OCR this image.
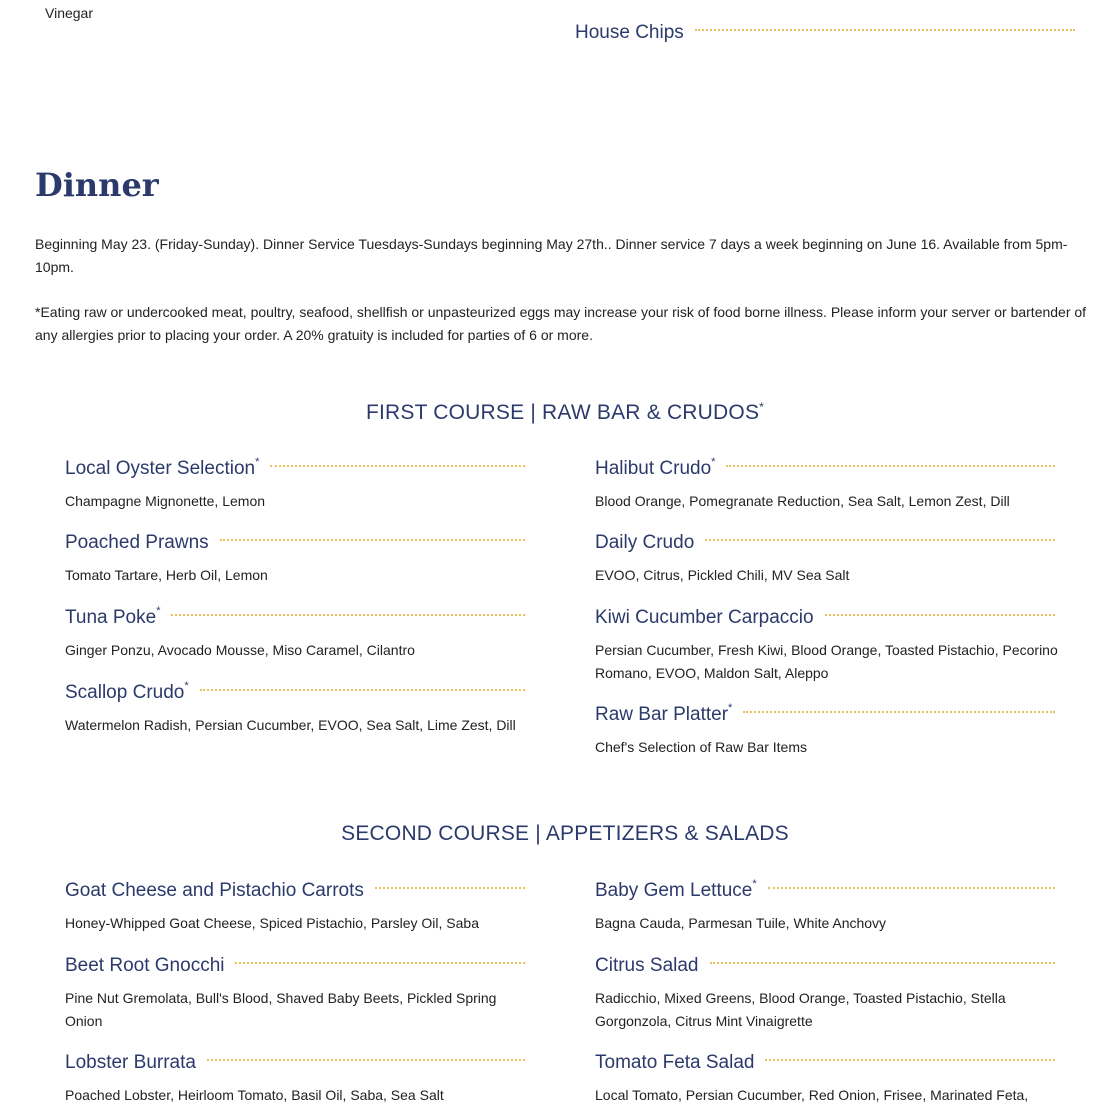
Vinegar
House Chips
Dinner
Beginning May 23. (Friday-Sunday). Dinner Service Tuesdays-Sundays beginning May 27th.. Dinner service 7 days a week beginning on June 16. Available from 5pm-10pm.
*Eating raw or undercooked meat, poultry, seafood, shellfish or unpasteurized eggs may increase your risk of food borne illness. Please inform your server or bartender of any allergies prior to placing your order. A 20% gratuity is included for parties of 6 or more.
FIRST COURSE | RAW BAR & CRUDOS*
Local Oyster Selection*
Champagne Mignonette, Lemon
Poached Prawns
Tomato Tartare, Herb Oil, Lemon
Tuna Poke*
Ginger Ponzu, Avocado Mousse, Miso Caramel, Cilantro
Scallop Crudo*
Watermelon Radish, Persian Cucumber, EVOO, Sea Salt, Lime Zest, Dill
Halibut Crudo*
Blood Orange, Pomegranate Reduction, Sea Salt, Lemon Zest, Dill
Daily Crudo
EVOO, Citrus, Pickled Chili, MV Sea Salt
Kiwi Cucumber Carpaccio
Persian Cucumber, Fresh Kiwi, Blood Orange, Toasted Pistachio, Pecorino Romano, EVOO, Maldon Salt, Aleppo
Raw Bar Platter*
Chef's Selection of Raw Bar Items
SECOND COURSE | APPETIZERS & SALADS
Goat Cheese and Pistachio Carrots
Honey-Whipped Goat Cheese, Spiced Pistachio, Parsley Oil, Saba
Beet Root Gnocchi
Pine Nut Gremolata, Bull's Blood, Shaved Baby Beets, Pickled Spring Onion
Lobster Burrata
Poached Lobster, Heirloom Tomato, Basil Oil, Saba, Sea Salt
Baby Gem Lettuce*
Bagna Cauda, Parmesan Tuile, White Anchovy
Citrus Salad
Radicchio, Mixed Greens, Blood Orange, Toasted Pistachio, Stella Gorgonzola, Citrus Mint Vinaigrette
Tomato Feta Salad
Local Tomato, Persian Cucumber, Red Onion, Frisee, Marinated Feta,
